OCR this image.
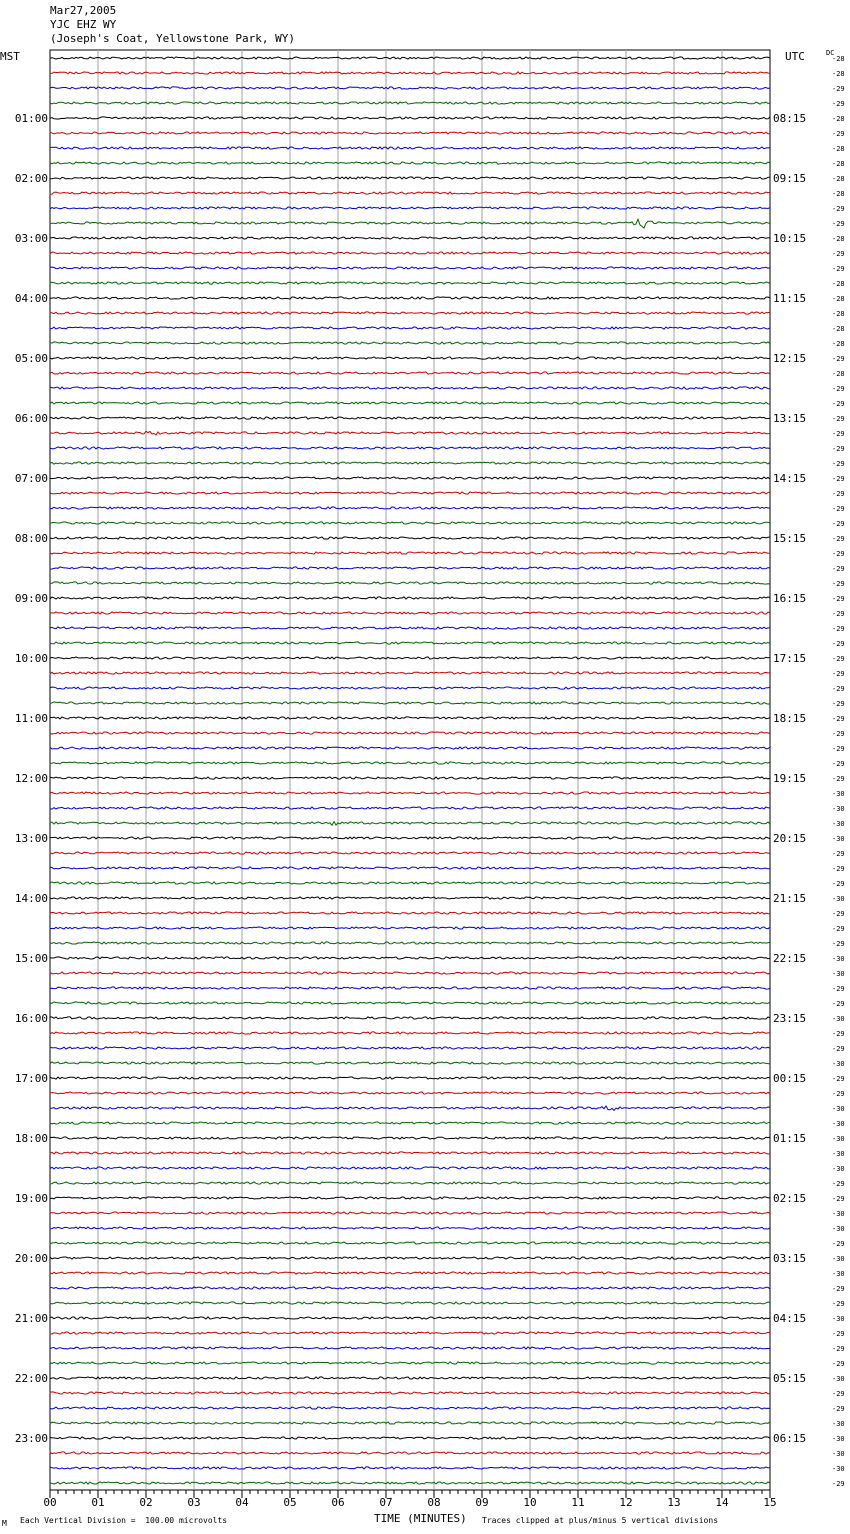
Mar27,2005
YJC EHZ WY
(Joseph's Coat, Yellowstone Park, WY)
MST	UTC	DC
-28
-28
-29
-29
-28
-29
-28
-28
-28
-28
-29
-29
-28
-29
-29
-28
-28
-28
-28
-28
-29
-28
-29
-29
-29
-29
-29
-29
-29
-29
-29
-29
-29
-29
-29
-29
-29
-29
-29
-29
-29
-29
-29
-29
-29
-29
-29
-29
-29
-30
-30
-30
-30
-29
-29
-29
-30
-29
-29
-29
-30
-30
-29
-29
-30
-29
-29
-30
-29
-29
-30
-30
-30
-30
-30
-29
-29
-30
-30
-29
-30
-30
-29
-29
-30
-29
-29
-29
-30
-29
-29
-30
-30
-30
-30
-29
01:00
02:00
03:00
04:00
05:00
06:00
07:00
08:00
09:00
10:00
11:00
12:00
13:00
14:00
15:00
16:00
17:00
18:00
19:00
20:00
21:00
22:00
23:00
08:15
09:15
10:15
11:15
12:15
13:15
14:15
15:15
16:15
17:15
18:15
19:15
20:15
21:15
22:15
23:15
00:15
01:15
02:15
03:15
04:15
05:15
06:15
00	01	02	03	04	05	06	07	08	09	10	11	12	13	14	15
M Each Vertical Division =  100.00 microvolts	TIME (MINUTES) Traces clipped at plus/minus 5 vertical divisions
